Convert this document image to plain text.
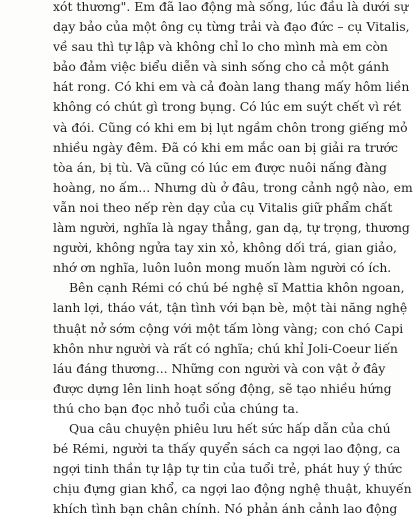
xót thương". Em đã lao động mà sống, lúc đầu là dưới sự
dạy bảo của một ông cụ từng trải và đạo đức – cụ Vitalis,
về sau thì tự lập và không chỉ lo cho mình mà em còn
bảo đảm việc biểu diễn và sinh sống cho cả một gánh
hát rong. Có khi em và cả đoàn lang thang mấy hôm liền
không có chút gì trong bụng. Có lúc em suýt chết vì rét
và đói. Cũng có khi em bị lụt ngầm chôn trong giếng mỏ
nhiều ngày đêm. Đã có khi em mắc oan bị giải ra trước
tòa án, bị tù. Và cũng có lúc em được nuôi nấng đàng
hoàng, no ấm... Nhưng dù ở đâu, trong cảnh ngộ nào, em
vẫn noi theo nếp rèn dạy của cụ Vitalis giữ phẩm chất
làm người, nghĩa là ngay thẳng, gan dạ, tự trọng, thương
người, không ngửa tay xin xỏ, không dối trá, gian giảo,
nhớ ơn nghĩa, luôn luôn mong muốn làm người có ích.
Bên cạnh Rémi có chú bé nghệ sĩ Mattia khôn ngoan,
lanh lợi, tháo vát, tận tình với bạn bè, một tài năng nghệ
thuật nở sớm cộng với một tấm lòng vàng; con chó Capi
khôn như người và rất có nghĩa; chú khỉ Joli-Coeur liến
láu đáng thương... Những con người và con vật ở đây
được dựng lên linh hoạt sống động, sẽ tạo nhiều hứng
thú cho bạn đọc nhỏ tuổi của chúng ta.
Qua câu chuyện phiêu lưu hết sức hấp dẫn của chú
bé Rémi, người ta thấy quyển sách ca ngợi lao động, ca
ngợi tinh thần tự lập tự tin của tuổi trẻ, phát huy ý thức
chịu đựng gian khổ, ca ngợi lao động nghệ thuật, khuyến
khích tình bạn chân chính. Nó phản ánh cảnh lao động
